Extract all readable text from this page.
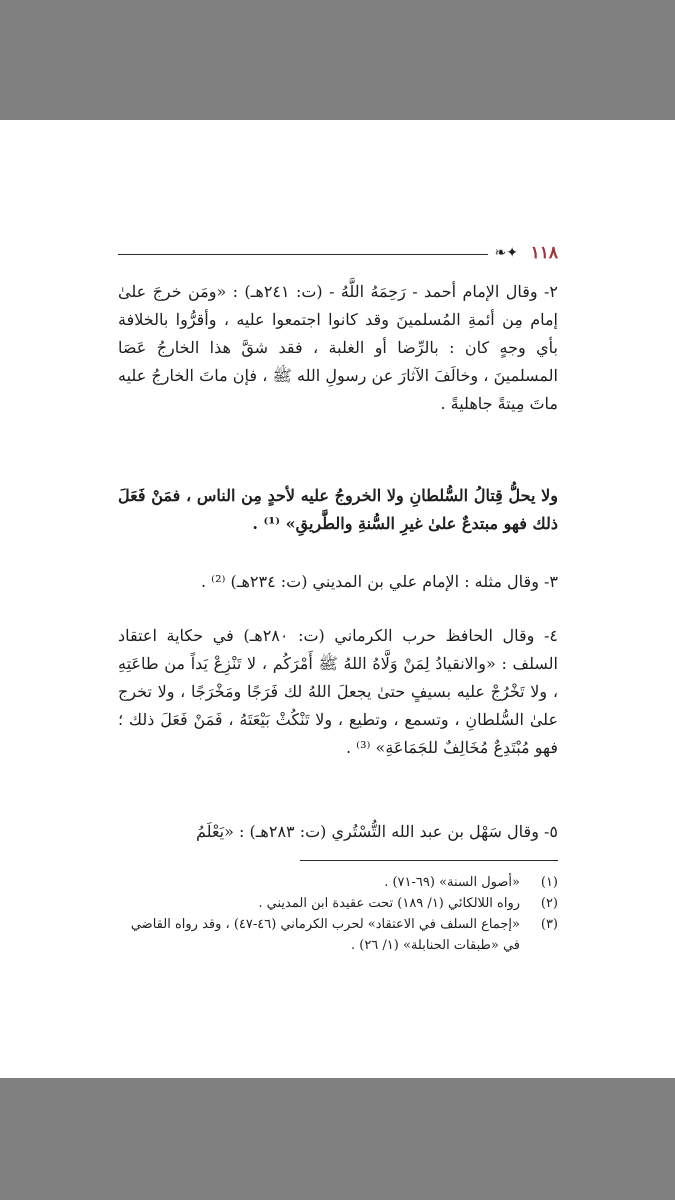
١١٨
❧✦
٢- وقال الإمام أحمد - رَحِمَهُ اللَّهُ - (ت: ٢٤١هـ) : «ومَن خرجَ علىٰ إمام مِن أئمةِ المُسلمينَ وقد كانوا اجتمعوا عليه ، وأقرُّوا بالخلافة بأي وجهٍ كان : بالرِّضا أو الغلبة ، فقد شقَّ هذا الخارجُ عَصَا المسلمينَ ، وخالَفَ الآثارَ عن رسولِ الله ﷺ ، فإن ماتَ الخارجُ عليه ماتَ مِيتةً جاهليةً .
ولا يحلُّ قِتالُ السُّلطانِ ولا الخروجُ عليه لأحدٍ مِن الناس ، فمَنْ فَعَلَ ذلك فهو مبتدعٌ علىٰ غيرِ السُّنةِ والطَّريقِ» ⁽¹⁾ .
٣- وقال مثله : الإمام علي بن المديني (ت: ٢٣٤هـ) ⁽²⁾ .
٤- وقال الحافظ حرب الكرماني (ت: ٢٨٠هـ) في حكاية اعتقاد السلف : «والانقيادُ لِمَنْ وَلَّاهُ اللهُ ﷺ أَمْرَكُم ، لا تَنْزِعْ يَداً من طاعَتِهِ ، ولا تَخْرُجْ عليه بسيفٍ حتىٰ يجعلَ اللهُ لك فَرَجًا ومَخْرَجًا ، ولا تخرج علىٰ السُّلطانِ ، وتسمع ، وتطيع ، ولا تَنْكُثْ بَيْعَتَهُ ، فَمَنْ فَعَلَ ذلك ؛ فهو مُبْتَدِعٌ مُخَالِفٌ للجَمَاعَةِ» ⁽³⁾ .
٥- وقال سَهْل بن عبد الله التُّسْتُري (ت: ٢٨٣هـ) : «يَعْلَمُ
(١)
«أصول السنة» (٦٩-٧١) .
(٢)
رواه اللالكائي (١/ ١٨٩) تحت عقيدة ابن المديني .
(٣)
«إجماع السلف في الاعتقاد» لحرب الكرماني (٤٦-٤٧) ، وقد رواه القاضي في «طبقات الحنابلة» (١/ ٢٦) .
